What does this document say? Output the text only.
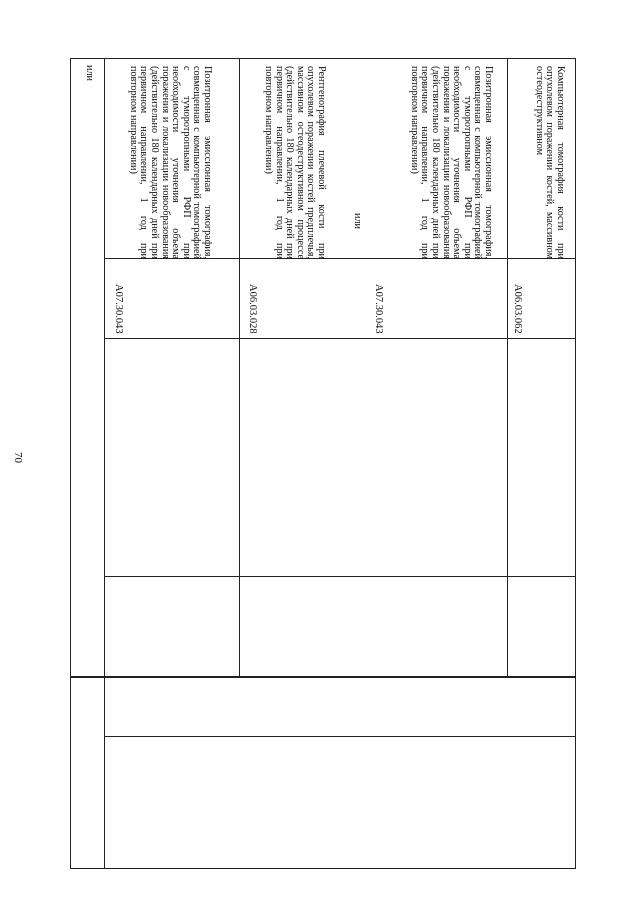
70

или	Позитронная эмиссионная томография, совмещенная с компьютерной томографией с туморотропными РФП при необходимости уточнения объема поражения и локализации новообразования (действительно 180 календарных дней при первичном направлении, 1 год при повторном направлении)

A07.30.043

Рентгенография плечевой кости при опухолевом поражении костей предплечья, массивном остеодеструктивном процессе (действительно 180 календарных дней при первичном направлении, 1 год при повторном направлении)

A06.03.028

или	Позитронная эмиссионная томография, совмещенная с компьютерной томографией с туморотропными РФП при необходимости уточнения объема поражения и локализации новообразования (действительно 180 календарных дней при первичном направлении, 1 год при повторном направлении)

A07.30.043

Компьютерная томография кости при опухолевом поражении костей, массивном остеодеструктивном

A06.03.062
